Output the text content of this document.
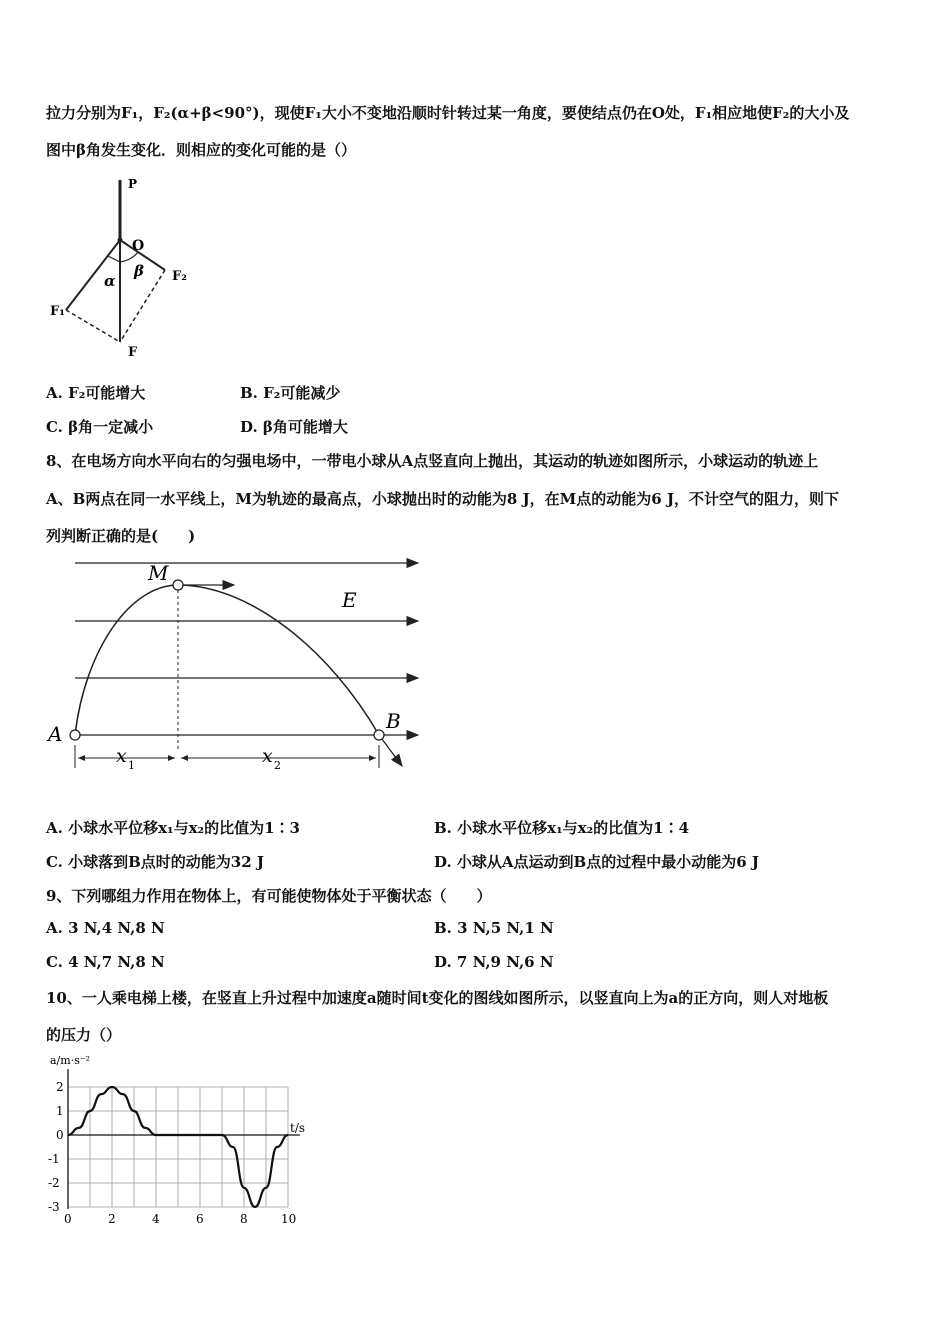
拉力分别为F₁，F₂(α+β<90°)，现使F₁大小不变地沿顺时针转过某一角度，要使结点仍在O处，F₁相应地使F₂的大小及
图中β角发生变化．则相应的变化可能的是（）
P
O
α
β F₂
F₁
F
A. F₂可能增大	B. F₂可能减少
C. β角一定减小	D. β角可能增大
8、在电场方向水平向右的匀强电场中，一带电小球从A点竖直向上抛出，其运动的轨迹如图所示，小球运动的轨迹上
A、B两点在同一水平线上，M为轨迹的最高点，小球抛出时的动能为8 J，在M点的动能为6 J，不计空气的阻力，则下
列判断正确的是(　　)
M
E
A
B
x 1	x 2
A. 小球水平位移x₁与x₂的比值为1∶3	B. 小球水平位移x₁与x₂的比值为1∶4
C. 小球落到B点时的动能为32 J	D. 小球从A点运动到B点的过程中最小动能为6 J
9、下列哪组力作用在物体上，有可能使物体处于平衡状态（　　）
A. 3 N,4 N,8 N	B. 3 N,5 N,1 N
C. 4 N,7 N,8 N	D. 7 N,9 N,6 N
10、一人乘电梯上楼，在竖直上升过程中加速度a随时间t变化的图线如图所示，以竖直向上为a的正方向，则人对地板
的压力（）
0	2	4	6	8	10
2
1
0
-1
-2
-3
a/m·s⁻²
t/s
